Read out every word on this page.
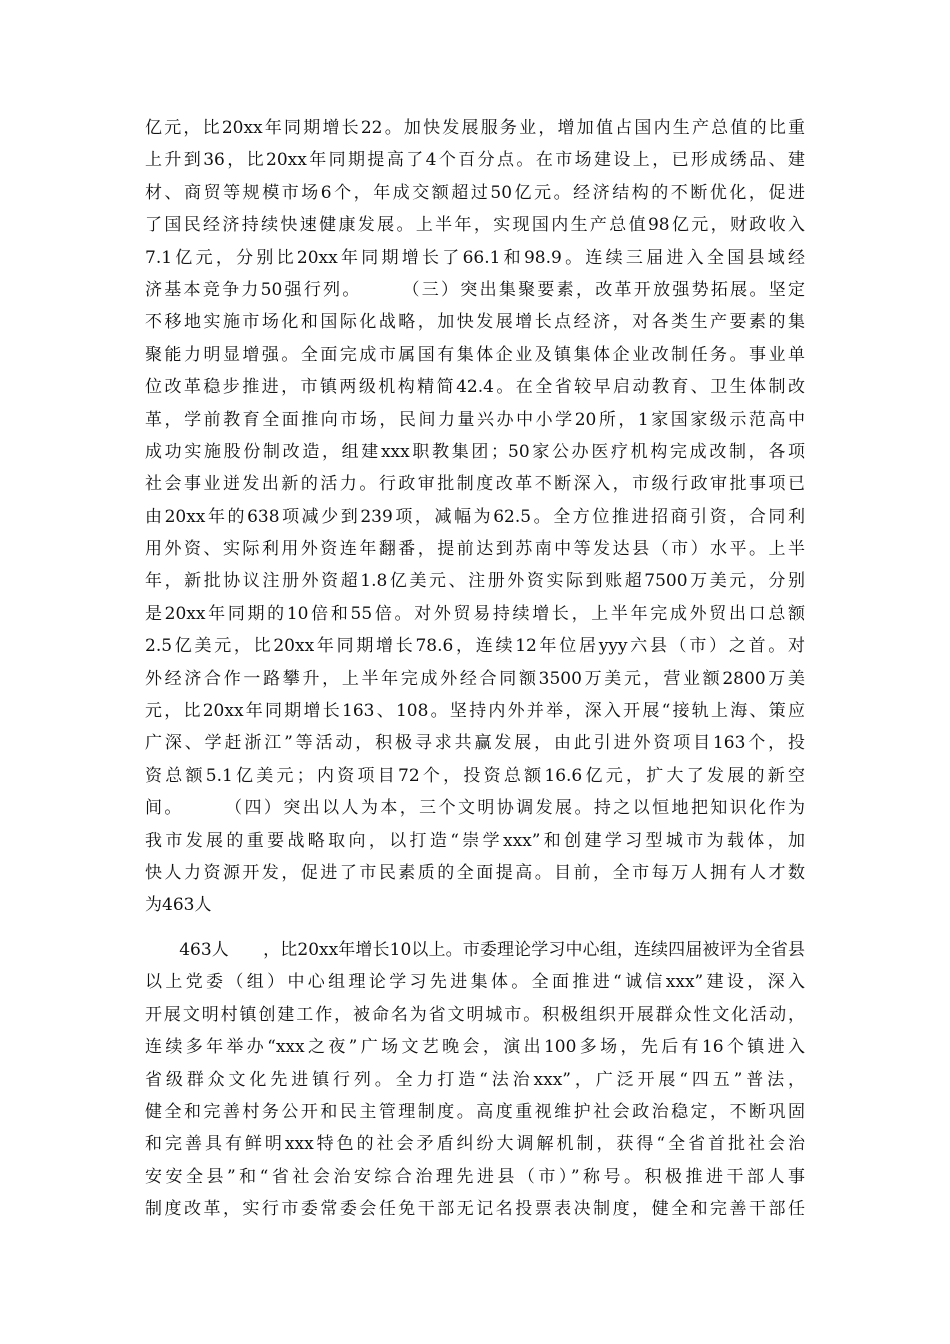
亿元，比20xx年同期增长22。加快发展服务业，增加值占国内生产总值的比重
上升到36，比20xx年同期提高了4个百分点。在市场建设上，已形成绣品、建
材、商贸等规模市场6个，年成交额超过50亿元。经济结构的不断优化，促进
了国民经济持续快速健康发展。上半年，实现国内生产总值98亿元，财政收入
7.1亿元，分别比20xx年同期增长了66.1和98.9。连续三届进入全国县域经
济基本竞争力50强行列。　　　（三）突出集聚要素，改革开放强势拓展。坚定
不移地实施市场化和国际化战略，加快发展增长点经济，对各类生产要素的集
聚能力明显增强。全面完成市属国有集体企业及镇集体企业改制任务。事业单
位改革稳步推进，市镇两级机构精简42.4。在全省较早启动教育、卫生体制改
革，学前教育全面推向市场，民间力量兴办中小学20所，1家国家级示范高中
成功实施股份制改造，组建xxx职教集团；50家公办医疗机构完成改制，各项
社会事业迸发出新的活力。行政审批制度改革不断深入，市级行政审批事项已
由20xx年的638项减少到239项，减幅为62.5。全方位推进招商引资，合同利
用外资、实际利用外资连年翻番，提前达到苏南中等发达县（市）水平。上半
年，新批协议注册外资超1.8亿美元、注册外资实际到账超7500万美元，分别
是20xx年同期的10倍和55倍。对外贸易持续增长，上半年完成外贸出口总额
2.5亿美元，比20xx年同期增长78.6，连续12年位居yyy六县（市）之首。对
外经济合作一路攀升，上半年完成外经合同额3500万美元，营业额2800万美
元，比20xx年同期增长163、108。坚持内外并举，深入开展“接轨上海、策应
广深、学赶浙江”等活动，积极寻求共赢发展，由此引进外资项目163个，投
资总额5.1亿美元；内资项目72个，投资总额16.6亿元，扩大了发展的新空
间。　　　（四）突出以人为本，三个文明协调发展。持之以恒地把知识化作为
我市发展的重要战略取向，以打造“崇学xxx”和创建学习型城市为载体，加
快人力资源开发，促进了市民素质的全面提高。目前，全市每万人拥有人才数
为463人
　　463人　　，比20xx年增长10以上。市委理论学习中心组，连续四届被评为全省县
以上党委（组）中心组理论学习先进集体。全面推进“诚信xxx”建设，深入
开展文明村镇创建工作，被命名为省文明城市。积极组织开展群众性文化活动，
连续多年举办“xxx之夜”广场文艺晚会，演出100多场，先后有16个镇进入
省级群众文化先进镇行列。全力打造“法治xxx”，广泛开展“四五”普法，
健全和完善村务公开和民主管理制度。高度重视维护社会政治稳定，不断巩固
和完善具有鲜明xxx特色的社会矛盾纠纷大调解机制，获得“全省首批社会治
安安全县”和“省社会治安综合治理先进县（市）”称号。积极推进干部人事
制度改革，实行市委常委会任免干部无记名投票表决制度，健全和完善干部任
